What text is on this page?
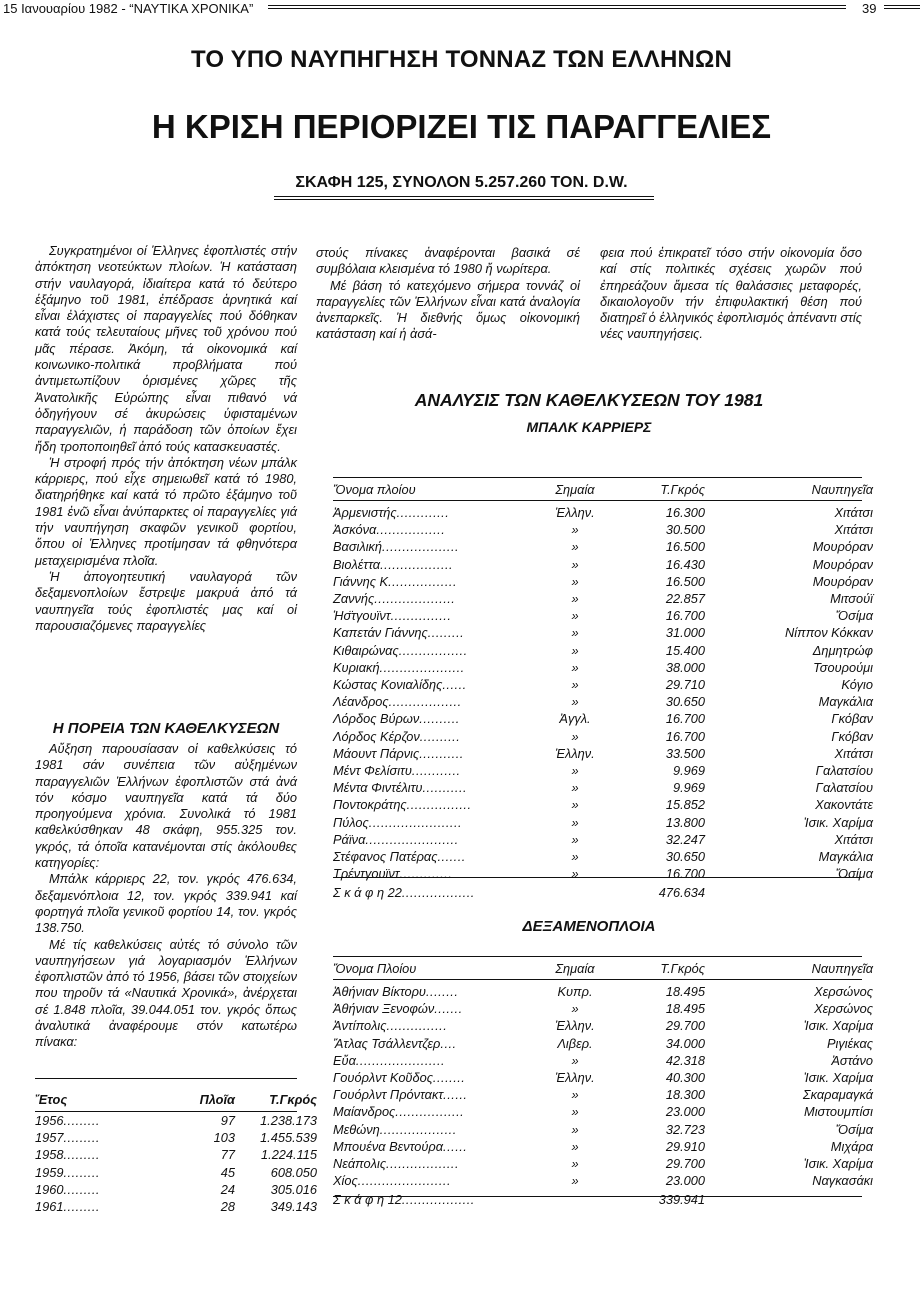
15 Ιανουαρίου 1982 - “ΝΑΥΤΙΚΑ ΧΡΟΝΙΚΑ”	39
ΤΟ ΥΠΟ ΝΑΥΠΗΓΗΣΗ ΤΟΝΝΑΖ ΤΩΝ ΕΛΛΗΝΩΝ
Η ΚΡΙΣΗ ΠΕΡΙΟΡΙΖΕΙ ΤΙΣ ΠΑΡΑΓΓΕΛΙΕΣ
ΣΚΑΦΗ 125, ΣΥΝΟΛΟΝ 5.257.260 ΤΟΝ. D.W.

Συγκρατημένοι οί Ἑλληνες ἐφοπλιστές στήν ἀπόκτηση νεοτεύκτων πλοίων. Ἡ κατάσταση στήν ναυλαγορά, ἰδιαίτερα κατά τό δεύτερο ἑξάμηνο τοῦ 1981, ἐπέδρασε ἀρνητικά καί εἶναι ἐλάχιστες οἱ παραγγελίες πού δόθηκαν κατά τούς τελευταίους μῆνες τοῦ χρόνου πού μᾶς πέρασε. Ἀκόμη, τά οἰκονομικά καί κοινωνικο-πολιτικά προβλήματα πού ἀντιμετωπίζουν ὁρισμένες χῶρες τῆς Ἀνατολικῆς Εὐρώπης εἶναι πιθανό νά ὁδηγήγουν σέ ἀκυρώσεις ὑφισταμένων παραγγελιῶν, ἡ παράδοση τῶν ὁποίων ἔχει ἤδη τροποποιηθεῖ ἀπό τούς κατασκευαστές.

Ἡ στροφή πρός τήν ἀπόκτηση νέων μπάλκ κάρριερς, πού εἶχε σημειωθεῖ κατά τό 1980, διατηρήθηκε καί κατά τό πρῶτο ἑξάμηνο τοῦ 1981 ἐνῶ εἶναι ἀνύπαρκτες οἱ παραγγελίες γιά τήν ναυπήγηση σκαφῶν γενικοῦ φορτίου, ὅπου οἱ Ἑλληνες προτίμησαν τά φθηνότερα μεταχειρισμένα πλοῖα.

Ἡ ἀπογοητευτική ναυλαγορά τῶν δεξαμενοπλοίων ἔστρεψε μακρυά ἀπό τά ναυπηγεῖα τούς ἐφοπλιστές μας καί οἱ παρουσιαζόμενες παραγγελίες

στούς πίνακες ἀναφέρονται βασικά σέ συμβόλαια κλεισμένα τό 1980 ἤ νωρίτερα.

Μέ βάση τό κατεχόμενο σήμερα τοννάζ οἱ παραγγελίες τῶν Ἑλλήνων εἶναι κατά ἀναλογία ἀνεπαρκεῖς. Ἡ διεθνής ὅμως οἰκονομική κατάσταση καί ἡ ἀσά-

φεια πού ἐπικρατεῖ τόσο στήν οἰκονομία ὅσο καί στίς πολιτικές σχέσεις χωρῶν πού ἐπηρεάζουν ἄμεσα τίς θαλάσσιες μεταφορές, δικαιολογοῦν τήν ἐπιφυλακτική θέση πού διατηρεῖ ὁ ἑλληνικός ἐφοπλισμός ἀπέναντι στίς νέες ναυπηγήσεις.

Η ΠΟΡΕΙΑ ΤΩΝ ΚΑΘΕΛΚΥΣΕΩΝ

Αὔξηση παρουσίασαν οἱ καθελκύσεις τό 1981 σάν συνέπεια τῶν αὐξημένων παραγγελιῶν Ἑλλήνων ἐφοπλιστῶν στά ἀνά τόν κόσμο ναυπηγεῖα κατά τά δύο προηγούμενα χρόνια. Συνολικά τό 1981 καθελκύσθηκαν 48 σκάφη, 955.325 τον. γκρός, τά ὁποῖα κατανέμονται στίς ἀκόλουθες κατηγορίες:

Μπάλκ κάρριερς 22, τον. γκρός 476.634, δεξαμενόπλοια 12, τον. γκρός 339.941 καί φορτηγά πλοῖα γενικοῦ φορτίου 14, τον. γκρός 138.750.

Μέ τίς καθελκύσεις αὐτές τό σύνολο τῶν ναυπηγήσεων γιά λογαριασμόν Ἑλλήνων ἐφοπλιστῶν ἀπό τό 1956, βάσει τῶν στοιχείων που τηροῦν τά «Ναυτικά Χρονικά», ἀνέρχεται σέ 1.848 πλοῖα, 39.044.051 τον. γκρός ὅπως ἀναλυτικά ἀναφέρουμε στόν κατωτέρω πίνακα:

Ἔτος	Πλοῖα	Τ.Γκρός
1956.........	97	1.238.173
1957.........	103	1.455.539
1958.........	77	1.224.115
1959.........	45	608.050
1960.........	24	305.016
1961.........	28	349.143
ΑΝΑΛΥΣΙΣ ΤΩΝ ΚΑΘΕΛΚΥΣΕΩΝ ΤΟΥ 1981
ΜΠΑΛΚ ΚΑΡΡΙΕΡΣ
Ὄνομα πλοίου	Σημαία	Τ.Γκρός	Ναυπηγεῖα
Ἀρμενιστής.............	Ἑλλην.	16.300	Χιτάτσι
Ἀσκόνα.................	»	30.500	Χιτάτσι
Βασιλική...................	»	16.500	Μουρόραν
Βιολέττα..................	»	16.430	Μουρόραν
Γιάννης Κ.................	»	16.500	Μουρόραν
Ζαννής....................	»	22.857	Μιτσούϊ
Ἡσ̈τγουϊντ...............	»	16.700	Ὄσίμα
Καπετάν Γιάννης.........	»	31.000	Νίππον Κόκκαν
Κιθαιρώνας.................	»	15.400	Δημητρώφ
Κυριακή.....................	»	38.000	Τσουρούμι
Κώστας Κονιαλίδης......	»	29.710	Κόγιο
Λέανδρος..................	»	30.650	Μαγκάλια
Λόρδος Βύρων..........	Ἀγγλ.	16.700	Γκόβαν
Λόρδος Κέρζον..........	»	16.700	Γκόβαν
Μάουντ Πάρνις...........	Ἑλλην.	33.500	Χιτάτσι
Μέντ Φελίσιτυ............	»	9.969	Γαλατσίου
Μέντα Φιντέλιτυ...........	»	9.969	Γαλατσίου
Ποντοκράτης................	»	15.852	Χακοντάτε
Πύλος.......................	»	13.800	Ἰσικ. Χαρίμα
Ράϊνα.......................	»	32.247	Χιτάτσι
Στέφανος Πατέρας.......	»	30.650	Μαγκάλια
Τρέντγουϊντ.............	»	16.700	Ὄσίμα
Σ κ ά φ η 22..................		476.634	
ΔΕΞΑΜΕΝΟΠΛΟΙΑ
Ὄνομα Πλοίου	Σημαία	Τ.Γκρός	Ναυπηγεῖα
Ἀθήνιαν Βίκτορυ........	Κυπρ.	18.495	Χερσώνος
Ἀθήνιαν Ξενοφών.......	»	18.495	Χερσώνος
Ἀντίπολις...............	Ἑλλην.	29.700	Ἰσικ. Χαρίμα
Ἄτλας Τσάλλεντζερ....	Λιβερ.	34.000	Ριγιέκας
Εὔα......................	»	42.318	Ἀστάνο
Γουόρλντ Κοῦδος........	Ἑλλην.	40.300	Ἰσικ. Χαρίμα
Γουόρλντ Πρόντακτ......	»	18.300	Σκαραμαγκά
Μαίανδρος.................	»	23.000	Μιστουμπίσι
Μεθώνη...................	»	32.723	Ὄσίμα
Μπουένα Βεντούρα......	»	29.910	Μιχάρα
Νεάπολις..................	»	29.700	Ἰσικ. Χαρίμα
Χίος.......................	»	23.000	Ναγκασάκι
Σ κ ά φ η 12..................		339.941	
